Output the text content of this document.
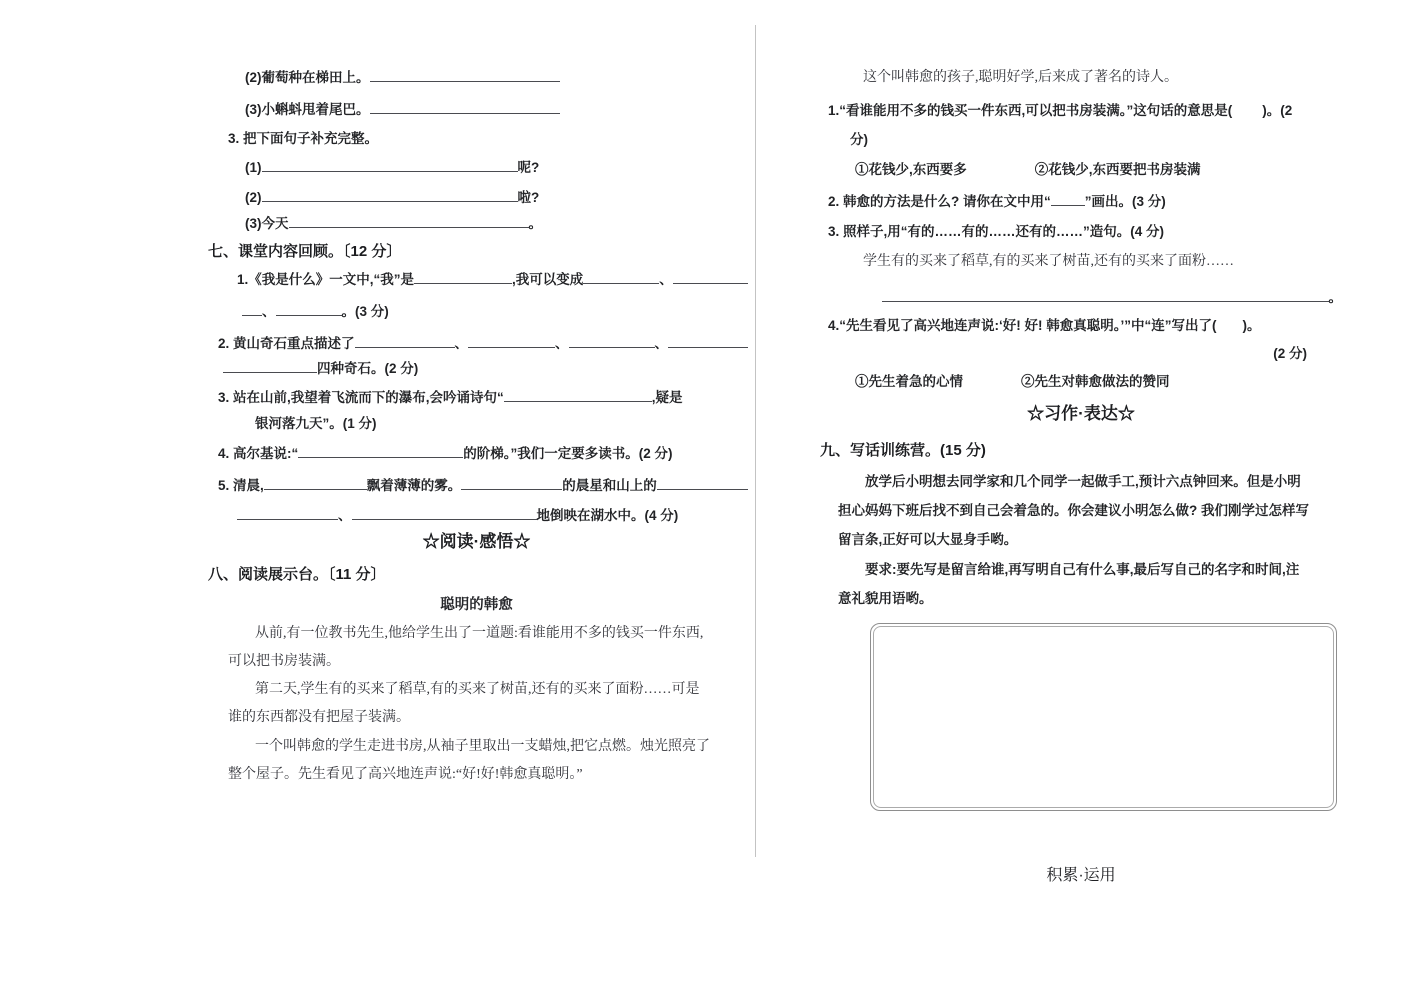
(2)葡萄种在梯田上。
(3)小蝌蚪甩着尾巴。
3. 把下面句子补充完整。
(1)	呢?
(2)	啦?
(3)今天	。
七、课堂内容回顾。〔12 分〕
1.《我是什么》一文中,“我”是	,我可以变成	、
、	。(3 分)
2. 黄山奇石重点描述了	、	、	、
四种奇石。(2 分)
3. 站在山前,我望着飞流而下的瀑布,会吟诵诗句“	,疑是
银河落九天”。(1 分)
4. 高尔基说:“	的阶梯。”我们一定要多读书。(2 分)
5. 清晨,	飘着薄薄的雾。	的晨星和山上的
、	地倒映在湖水中。(4 分)
☆阅读·感悟☆
八、阅读展示台。〔11 分〕
聪明的韩愈
从前,有一位教书先生,他给学生出了一道题:看谁能用不多的钱买一件东西,
可以把书房装满。
第二天,学生有的买来了稻草,有的买来了树苗,还有的买来了面粉……可是
谁的东西都没有把屋子装满。
一个叫韩愈的学生走进书房,从袖子里取出一支蜡烛,把它点燃。烛光照亮了
整个屋子。先生看见了高兴地连声说:“好!好!韩愈真聪明。”
积累·运用
这个叫韩愈的孩子,聪明好学,后来成了著名的诗人。
1.“看谁能用不多的钱买一件东西,可以把书房装满。”这句话的意思是( )。(2
分)
①花钱少,东西要多	②花钱少,东西要把书房装满
2. 韩愈的方法是什么? 请你在文中用“	”画出。(3 分)
3. 照样子,用“有的……有的……还有的……”造句。(4 分)
学生有的买来了稻草,有的买来了树苗,还有的买来了面粉……
。
4.“先生看见了高兴地连声说:‘好! 好! 韩愈真聪明。’”中“连”写出了( )。
(2 分)
①先生着急的心情	②先生对韩愈做法的赞同
☆习作·表达☆
九、写话训练营。(15 分)
放学后小明想去同学家和几个同学一起做手工,预计六点钟回来。但是小明
担心妈妈下班后找不到自己会着急的。你会建议小明怎么做? 我们刚学过怎样写
留言条,正好可以大显身手哟。
要求:要先写是留言给谁,再写明自己有什么事,最后写自己的名字和时间,注
意礼貌用语哟。
